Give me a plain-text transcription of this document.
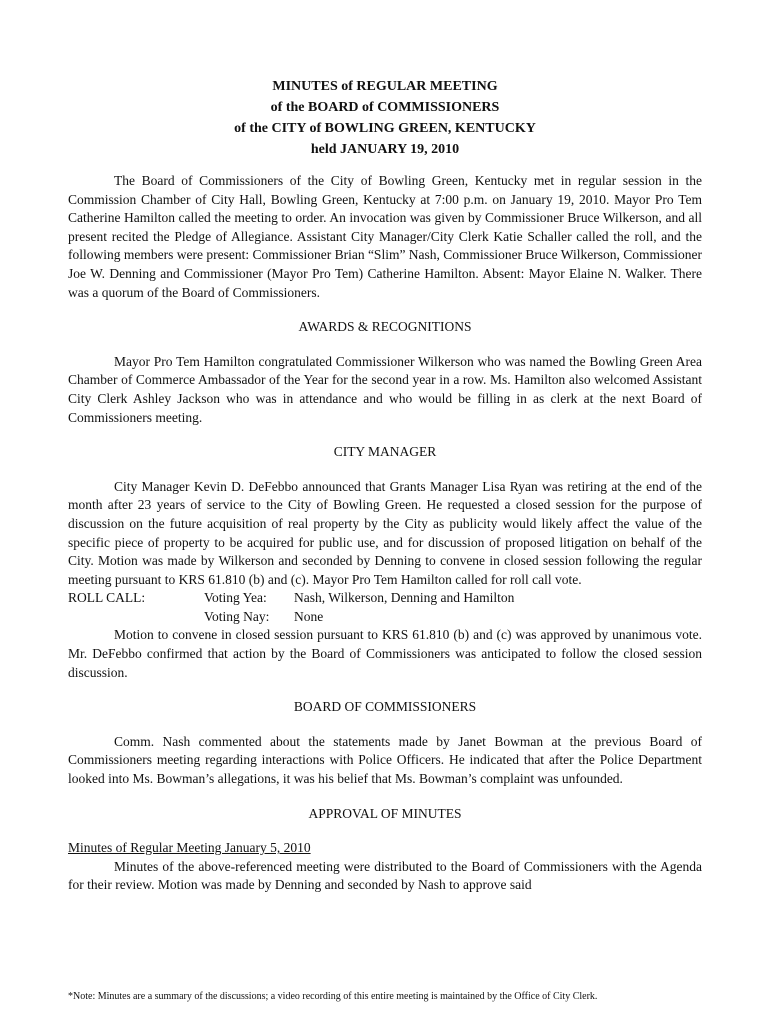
MINUTES of REGULAR MEETING
of the BOARD of COMMISSIONERS
of the CITY of BOWLING GREEN, KENTUCKY
held JANUARY 19, 2010

The Board of Commissioners of the City of Bowling Green, Kentucky met in regular session in the Commission Chamber of City Hall, Bowling Green, Kentucky at 7:00 p.m. on January 19, 2010. Mayor Pro Tem Catherine Hamilton called the meeting to order. An invocation was given by Commissioner Bruce Wilkerson, and all present recited the Pledge of Allegiance. Assistant City Manager/City Clerk Katie Schaller called the roll, and the following members were present: Commissioner Brian “Slim” Nash, Commissioner Bruce Wilkerson, Commissioner Joe W. Denning and Commissioner (Mayor Pro Tem) Catherine Hamilton. Absent: Mayor Elaine N. Walker. There was a quorum of the Board of Commissioners.

AWARDS & RECOGNITIONS

Mayor Pro Tem Hamilton congratulated Commissioner Wilkerson who was named the Bowling Green Area Chamber of Commerce Ambassador of the Year for the second year in a row. Ms. Hamilton also welcomed Assistant City Clerk Ashley Jackson who was in attendance and who would be filling in as clerk at the next Board of Commissioners meeting.

CITY MANAGER

City Manager Kevin D. DeFebbo announced that Grants Manager Lisa Ryan was retiring at the end of the month after 23 years of service to the City of Bowling Green. He requested a closed session for the purpose of discussion on the future acquisition of real property by the City as publicity would likely affect the value of the specific piece of property to be acquired for public use, and for discussion of proposed litigation on behalf of the City. Motion was made by Wilkerson and seconded by Denning to convene in closed session following the regular meeting pursuant to KRS 61.810 (b) and (c). Mayor Pro Tem Hamilton called for roll call vote.

ROLL CALL:	Voting Yea: Nash, Wilkerson, Denning and Hamilton
Voting Nay: None

Motion to convene in closed session pursuant to KRS 61.810 (b) and (c) was approved by unanimous vote. Mr. DeFebbo confirmed that action by the Board of Commissioners was anticipated to follow the closed session discussion.

BOARD OF COMMISSIONERS

Comm. Nash commented about the statements made by Janet Bowman at the previous Board of Commissioners meeting regarding interactions with Police Officers. He indicated that after the Police Department looked into Ms. Bowman’s allegations, it was his belief that Ms. Bowman’s complaint was unfounded.

APPROVAL OF MINUTES

Minutes of Regular Meeting January 5, 2010

Minutes of the above-referenced meeting were distributed to the Board of Commissioners with the Agenda for their review. Motion was made by Denning and seconded by Nash to approve said

*Note: Minutes are a summary of the discussions; a video recording of this entire meeting is maintained by the Office of City Clerk.
